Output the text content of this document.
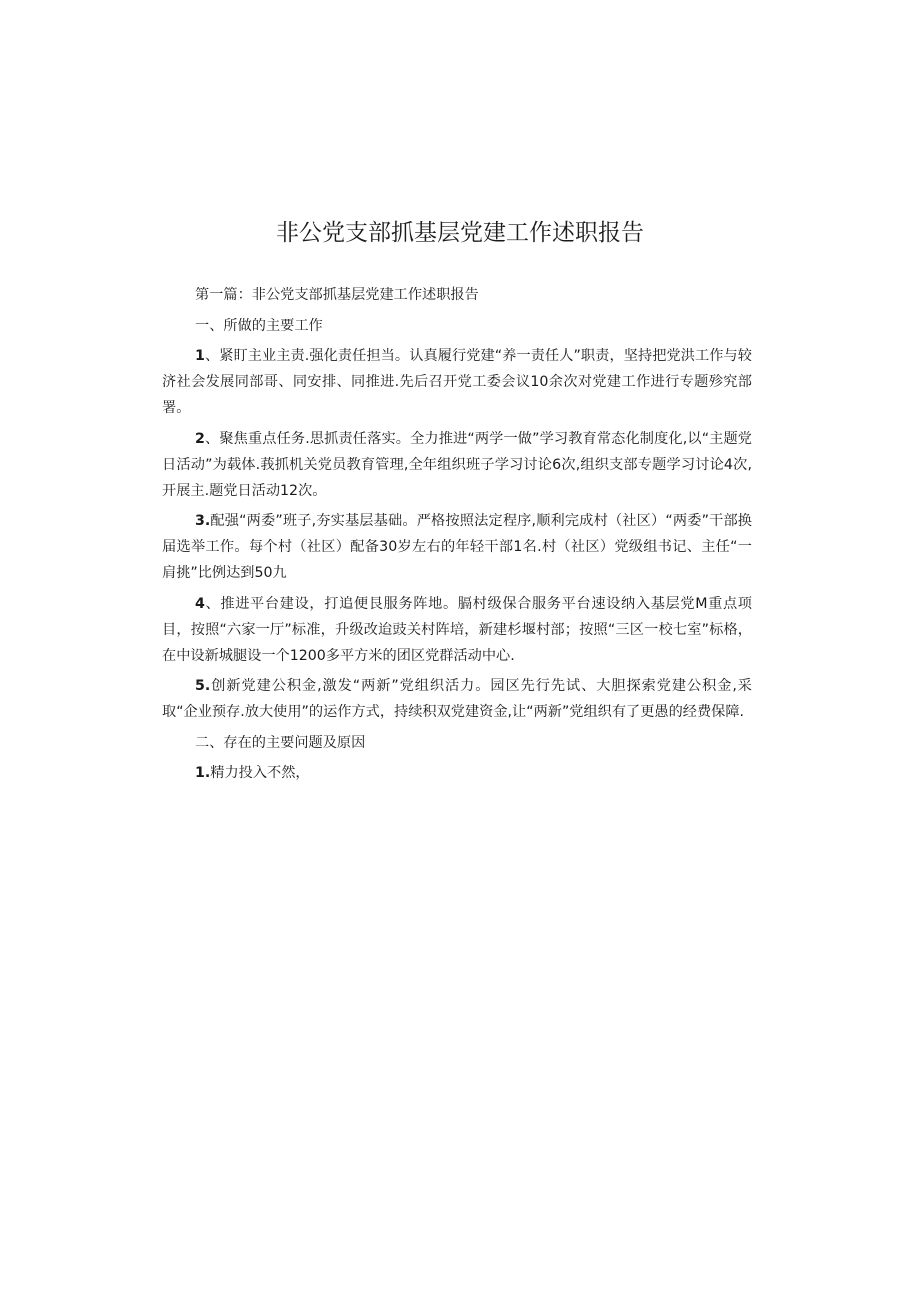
非公党支部抓基层党建工作述职报告

第一篇：非公党支部抓基层党建工作述职报告

一、所做的主要工作

1、紧盯主业主责.强化责任担当。认真履行党建“养一责任人”职责，坚持把党洪工作与较济社会发展同部哥、同安排、同推进.先后召开党工委会议10余次对党建工作进行专题殄究部署。

2、聚焦重点任务.思抓责任落实。全力推进“两学一做”学习教育常态化制度化,以“主题党日活动”为载体.莪抓机关党员教育管理,全年组织班子学习讨论6次,组织支部专题学习讨论4次,开展主.题党日活动12次。

3.配强“两委”班子,夯实基层基础。严格按照法定程序,顺利完成村（社区）“两委”干部换届选举工作。每个村（社区）配备30岁左右的年轻干部1名.村（社区）党级组书记、主任“一肩挑”比例达到50九

4、推进平台建设，打追便艮服务阵地。膈村级保合服务平台速设纳入基层党M重点项目，按照“六家一厅”标准，升级改迨豉关村阵培，新建杉堰村部；按照“三区一校七室”标格，在中设新城腿设一个1200多平方米的团区党群活动中心.

5.创新党建公积金,激发“两新”党组织活力。园区先行先试、大胆探索党建公积金,采取“企业预存.放大使用”的运作方式，持续积双党建资金,让“两新”党组织有了更愚的经费保障.

二、存在的主要问题及原因

1.精力投入不然，
